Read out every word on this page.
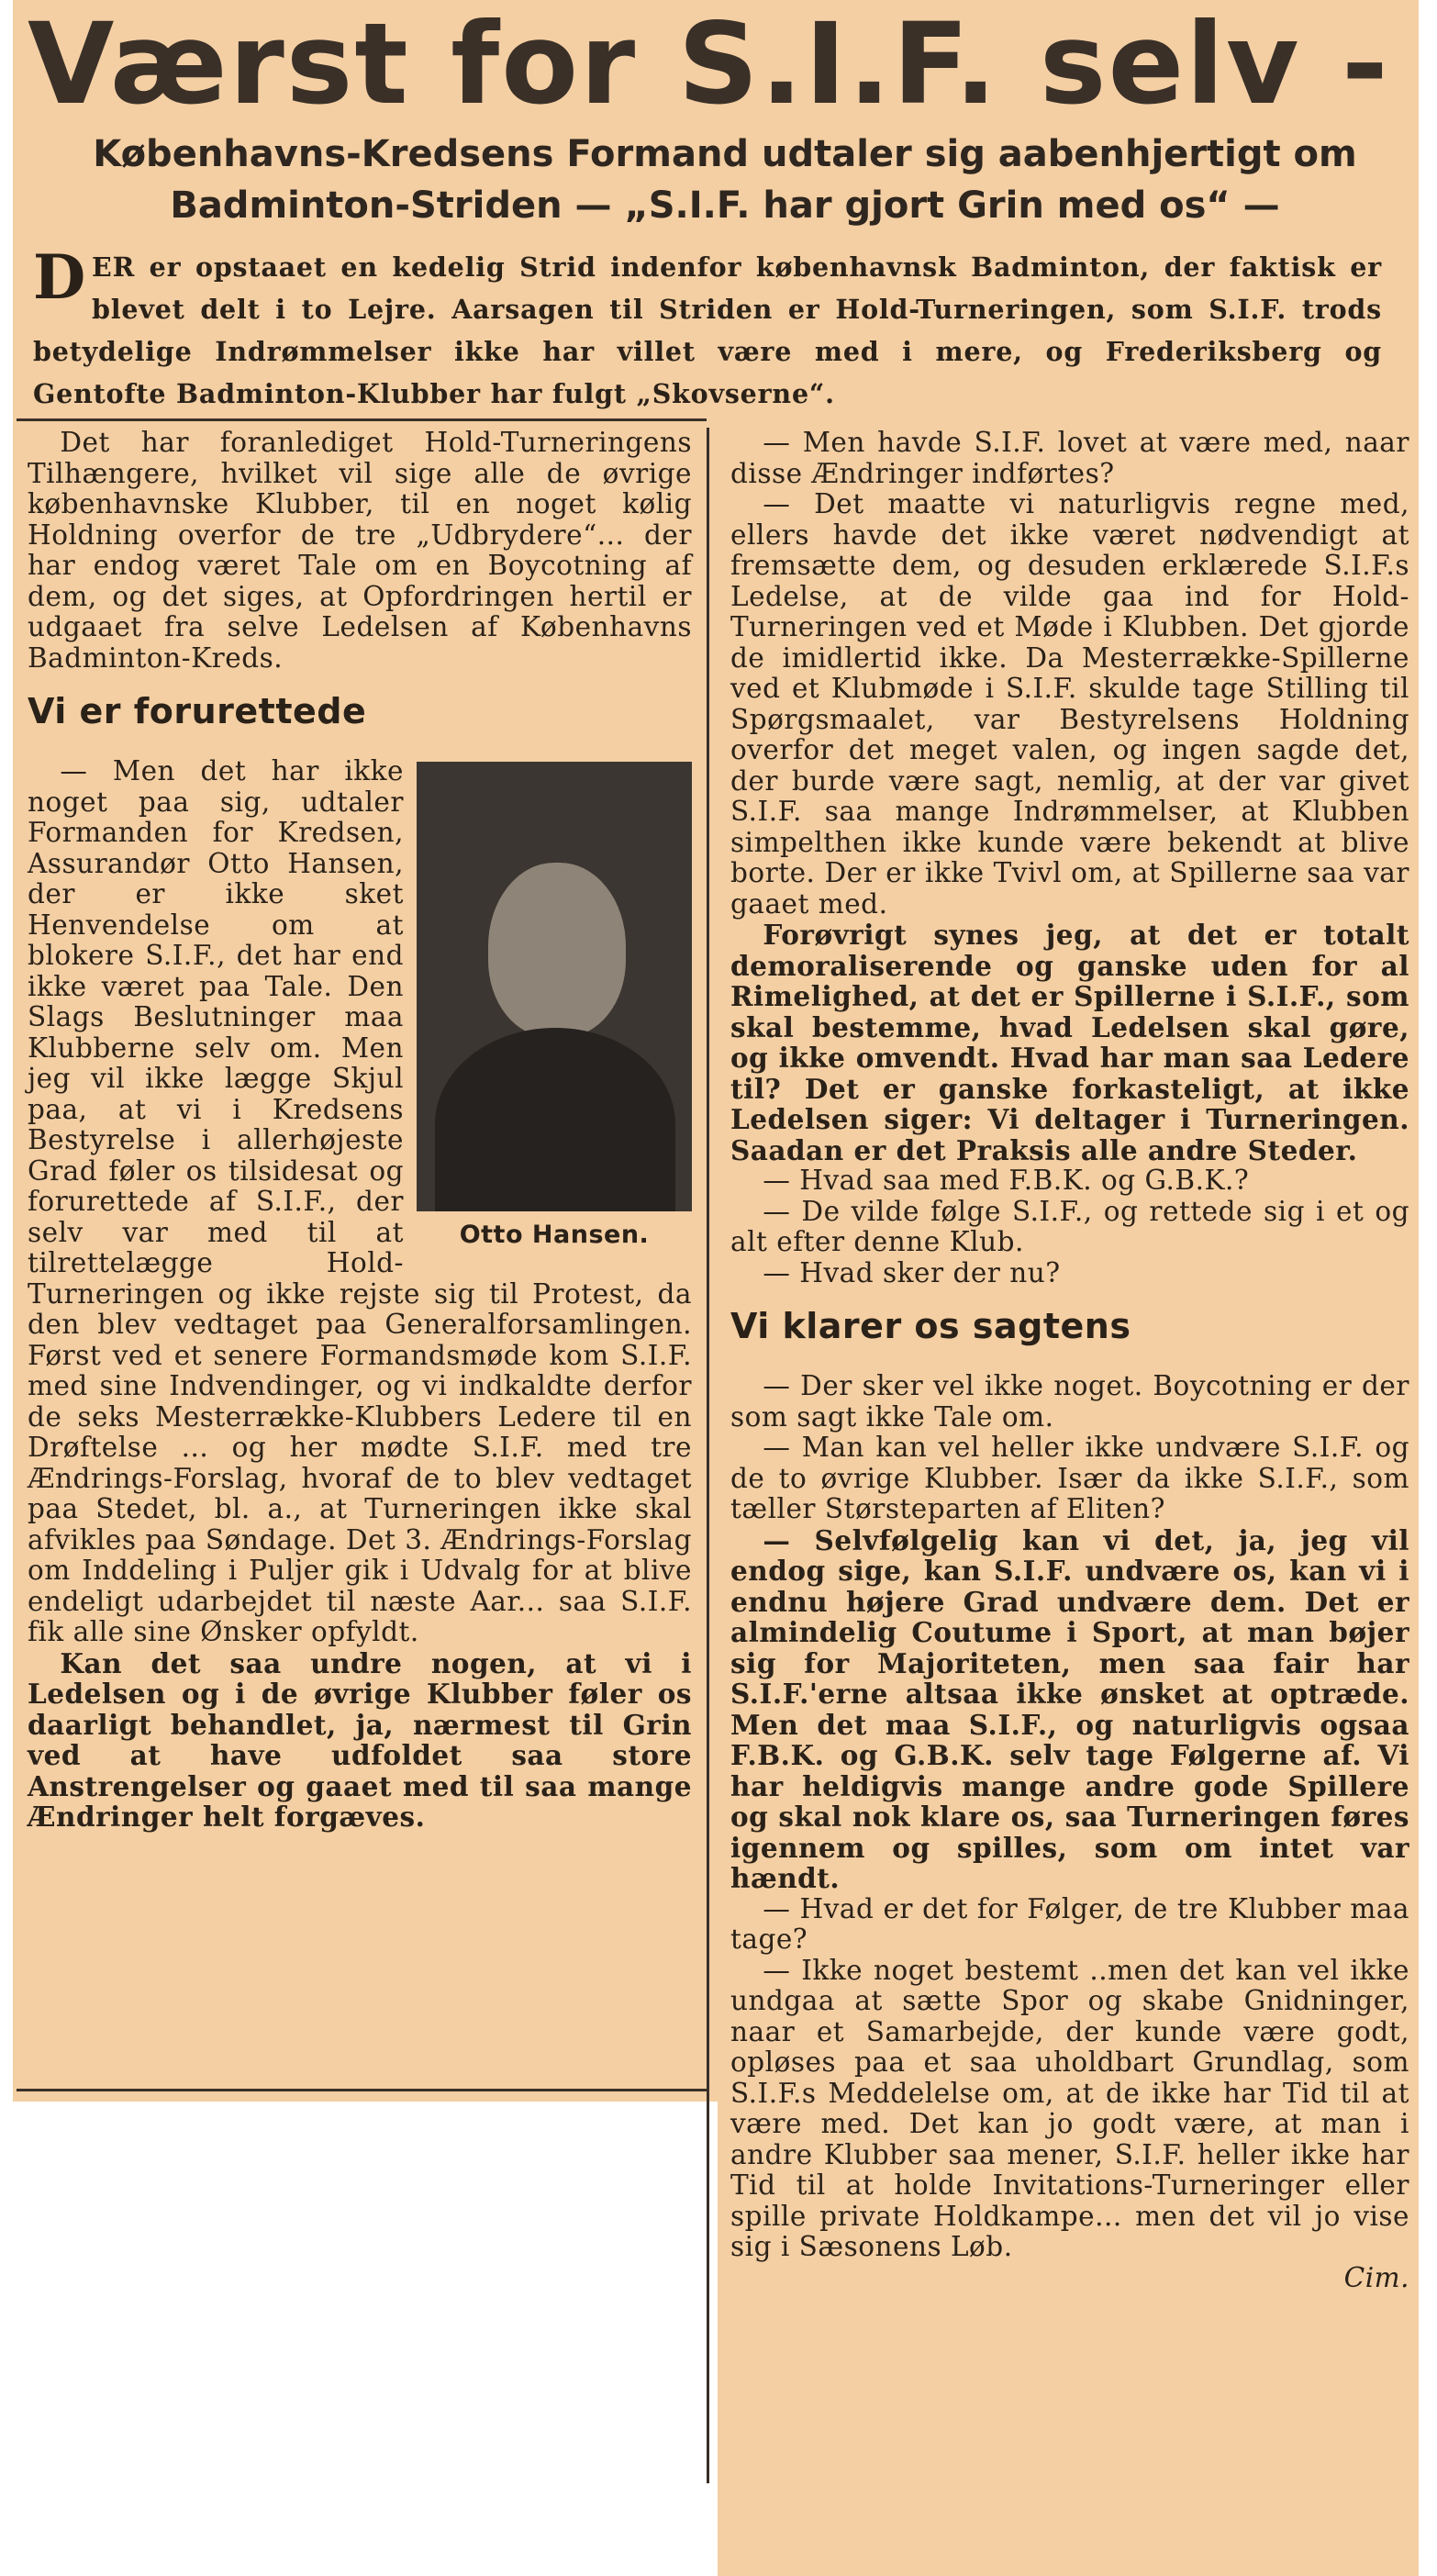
Værst for S.I.F. selv -
Københavns-Kredsens Formand udtaler sig aabenhjertigt om Badminton-Striden — „S.I.F. har gjort Grin med os“ —
DER er opstaaet en kedelig Strid indenfor københavnsk Badminton, der faktisk er blevet delt i to Lejre. Aarsagen til Striden er Hold-Turneringen, som S.I.F. trods betydelige Indrømmelser ikke har villet være med i mere, og Frederiksberg og Gentofte Badminton-Klubber har fulgt „Skovserne“.

Det har foranlediget Hold-Turneringens Tilhængere, hvilket vil sige alle de øvrige københavnske Klubber, til en noget kølig Holdning overfor de tre „Udbrydere“... der har endog været Tale om en Boycotning af dem, og det siges, at Opfordringen hertil er udgaaet fra selve Ledelsen af Københavns Badminton-Kreds.

Vi er forurettede
Otto Hansen.

— Men det har ikke noget paa sig, udtaler Formanden for Kredsen, Assurandør Otto Hansen, der er ikke sket Henvendelse om at blokere S.I.F., det har end ikke været paa Tale. Den Slags Beslutninger maa Klubberne selv om. Men jeg vil ikke lægge Skjul paa, at vi i Kredsens Bestyrelse i allerhøjeste Grad føler os tilsidesat og forurettede af S.I.F., der selv var med til at tilrettelægge Hold-Turneringen og ikke rejste sig til Protest, da den blev vedtaget paa Generalforsamlingen. Først ved et senere Formandsmøde kom S.I.F. med sine Indvendinger, og vi indkaldte derfor de seks Mesterrække-Klubbers Ledere til en Drøftelse ... og her mødte S.I.F. med tre Ændrings-Forslag, hvoraf de to blev vedtaget paa Stedet, bl. a., at Turneringen ikke skal afvikles paa Søndage. Det 3. Ændrings-Forslag om Inddeling i Puljer gik i Udvalg for at blive endeligt udarbejdet til næste Aar... saa S.I.F. fik alle sine Ønsker opfyldt.

Kan det saa undre nogen, at vi i Ledelsen og i de øvrige Klubber føler os daarligt behandlet, ja, nærmest til Grin ved at have udfoldet saa store Anstrengelser og gaaet med til saa mange Ændringer helt forgæves.

— Men havde S.I.F. lovet at være med, naar disse Ændringer indførtes?

— Det maatte vi naturligvis regne med, ellers havde det ikke været nødvendigt at fremsætte dem, og desuden erklærede S.I.F.s Ledelse, at de vilde gaa ind for Hold-Turneringen ved et Møde i Klubben. Det gjorde de imidlertid ikke. Da Mesterrække-Spillerne ved et Klubmøde i S.I.F. skulde tage Stilling til Spørgsmaalet, var Bestyrelsens Holdning overfor det meget valen, og ingen sagde det, der burde være sagt, nemlig, at der var givet S.I.F. saa mange Indrømmelser, at Klubben simpelthen ikke kunde være bekendt at blive borte. Der er ikke Tvivl om, at Spillerne saa var gaaet med.

Forøvrigt synes jeg, at det er totalt demoraliserende og ganske uden for al Rimelighed, at det er Spillerne i S.I.F., som skal bestemme, hvad Ledelsen skal gøre, og ikke omvendt. Hvad har man saa Ledere til? Det er ganske forkasteligt, at ikke Ledelsen siger: Vi deltager i Turneringen. Saadan er det Praksis alle andre Steder.

— Hvad saa med F.B.K. og G.B.K.?

— De vilde følge S.I.F., og rettede sig i et og alt efter denne Klub.

— Hvad sker der nu?

Vi klarer os sagtens

— Der sker vel ikke noget. Boycotning er der som sagt ikke Tale om.

— Man kan vel heller ikke undvære S.I.F. og de to øvrige Klubber. Især da ikke S.I.F., som tæller Størsteparten af Eliten?

— Selvfølgelig kan vi det, ja, jeg vil endog sige, kan S.I.F. undvære os, kan vi i endnu højere Grad undvære dem. Det er almindelig Coutume i Sport, at man bøjer sig for Majoriteten, men saa fair har S.I.F.'erne altsaa ikke ønsket at optræde. Men det maa S.I.F., og naturligvis ogsaa F.B.K. og G.B.K. selv tage Følgerne af. Vi har heldigvis mange andre gode Spillere og skal nok klare os, saa Turneringen føres igennem og spilles, som om intet var hændt.

— Hvad er det for Følger, de tre Klubber maa tage?

— Ikke noget bestemt ..men det kan vel ikke undgaa at sætte Spor og skabe Gnidninger, naar et Samarbejde, der kunde være godt, opløses paa et saa uholdbart Grundlag, som S.I.F.s Meddelelse om, at de ikke har Tid til at være med. Det kan jo godt være, at man i andre Klubber saa mener, S.I.F. heller ikke har Tid til at holde Invitations-Turneringer eller spille private Holdkampe... men det vil jo vise sig i Sæsonens Løb.

Cim.
